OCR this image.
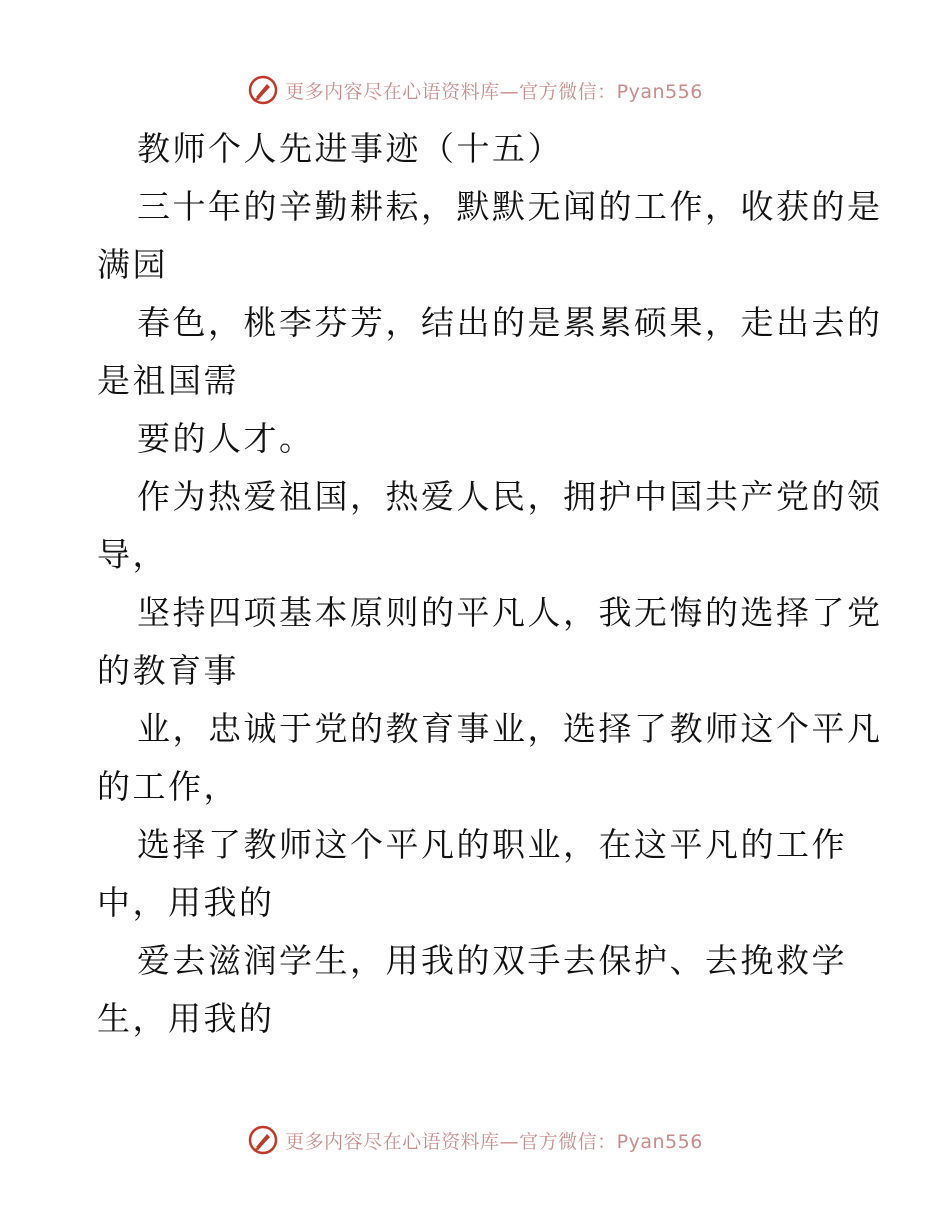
更多内容尽在心语资料库—官方微信：Pyan556
教师个人先进事迹（十五）
三十年的辛勤耕耘，默默无闻的工作，收获的是
满园
春色，桃李芬芳，结出的是累累硕果，走出去的
是祖国需
要的人才。
作为热爱祖国，热爱人民，拥护中国共产党的领
导，
坚持四项基本原则的平凡人，我无悔的选择了党
的教育事
业，忠诚于党的教育事业，选择了教师这个平凡
的工作，
选择了教师这个平凡的职业，在这平凡的工作
中，用我的
爱去滋润学生，用我的双手去保护、去挽救学
生，用我的
更多内容尽在心语资料库—官方微信：Pyan556
